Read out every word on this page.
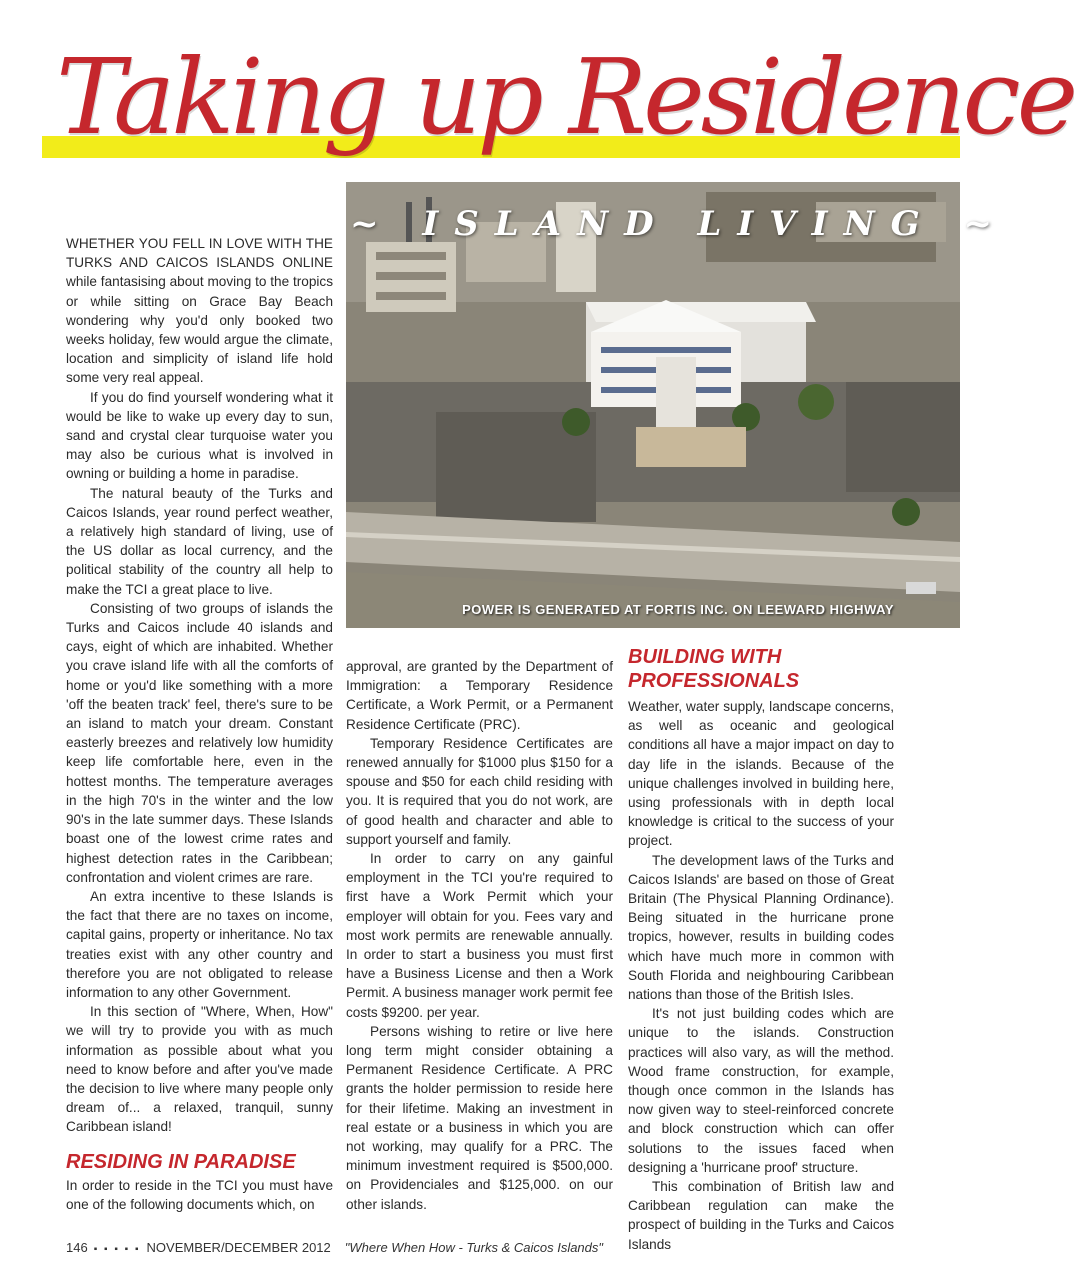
Taking up Residence
~ ISLAND LIVING ~
POWER IS GENERATED AT FORTIS INC. ON LEEWARD HIGHWAY

WHETHER YOU FELL IN LOVE WITH THE TURKS AND CAICOS ISLANDS ONLINE while fantasising about moving to the tropics or while sitting on Grace Bay Beach wondering why you'd only booked two weeks holiday, few would argue the climate, location and simplicity of island life hold some very real appeal.

If you do find yourself wondering what it would be like to wake up every day to sun, sand and crystal clear turquoise water you may also be curious what is involved in owning or building a home in paradise.

The natural beauty of the Turks and Caicos Islands, year round perfect weather, a relatively high standard of living, use of the US dollar as local currency, and the political stability of the country all help to make the TCI a great place to live.

Consisting of two groups of islands the Turks and Caicos include 40 islands and cays, eight of which are inhabited. Whether you crave island life with all the comforts of home or you'd like something with a more 'off the beaten track' feel, there's sure to be an island to match your dream. Constant easterly breezes and relatively low humidity keep life comfortable here, even in the hottest months. The temperature averages in the high 70's in the winter and the low 90's in the late summer days. These Islands boast one of the lowest crime rates and highest detection rates in the Caribbean; confrontation and violent crimes are rare.

An extra incentive to these Islands is the fact that there are no taxes on income, capital gains, property or inheritance. No tax treaties exist with any other country and therefore you are not obligated to release information to any other Government.

In this section of "Where, When, How" we will try to provide you with as much information as possible about what you need to know before and after you've made the decision to live where many people only dream of... a relaxed, tranquil, sunny Caribbean island!

RESIDING IN PARADISE

In order to reside in the TCI you must have one of the following documents which, on

approval, are granted by the Department of Immigration: a Temporary Residence Certificate, a Work Permit, or a Permanent Residence Certificate (PRC).

Temporary Residence Certificates are renewed annually for $1000 plus $150 for a spouse and $50 for each child residing with you. It is required that you do not work, are of good health and character and able to support yourself and family.

In order to carry on any gainful employment in the TCI you're required to first have a Work Permit which your employer will obtain for you. Fees vary and most work permits are renewable annually. In order to start a business you must first have a Business License and then a Work Permit. A business manager work permit fee costs $9200. per year.

Persons wishing to retire or live here long term might consider obtaining a Permanent Residence Certificate. A PRC grants the holder permission to reside here for their lifetime. Making an investment in real estate or a business in which you are not working, may qualify for a PRC. The minimum investment required is $500,000. on Providenciales and $125,000. on our other islands.

BUILDING WITH PROFESSIONALS

Weather, water supply, landscape concerns, as well as oceanic and geological conditions all have a major impact on day to day life in the islands. Because of the unique challenges involved in building here, using professionals with in depth local knowledge is critical to the success of your project.

The development laws of the Turks and Caicos Islands' are based on those of Great Britain (The Physical Planning Ordinance). Being situated in the hurricane prone tropics, however, results in building codes which have much more in common with South Florida and neighbouring Caribbean nations than those of the British Isles.

It's not just building codes which are unique to the islands. Construction practices will also vary, as will the method. Wood frame construction, for example, though once common in the Islands has now given way to steel-reinforced concrete and block construction which can offer solutions to the issues faced when designing a 'hurricane proof' structure.

This combination of British law and Caribbean regulation can make the prospect of building in the Turks and Caicos Islands

146 ▪ ▪ ▪ ▪ ▪ NOVEMBER/DECEMBER 2012 "Where When How - Turks & Caicos Islands"
